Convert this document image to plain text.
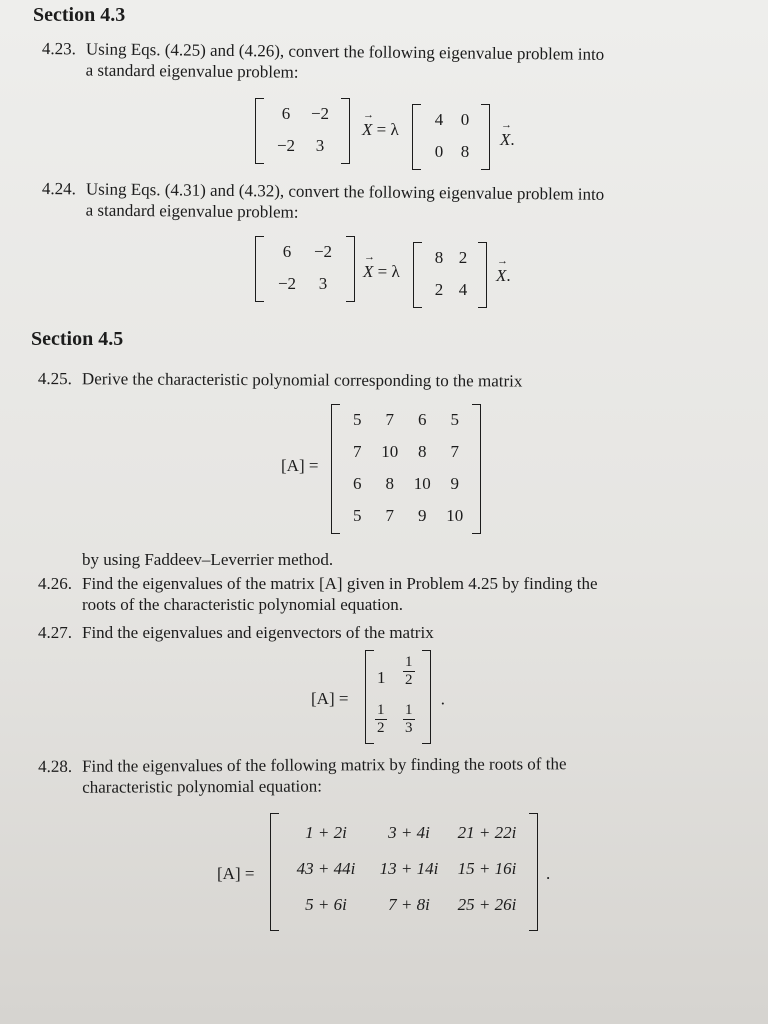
Section 4.3
4.23. Using Eqs. (4.25) and (4.26), convert the following eigenvalue problem into
a standard eigenvalue problem:
6	−2
−2	3
→ X = λ
4	0
0	8
→ X.
4.24. Using Eqs. (4.31) and (4.32), convert the following eigenvalue problem into
a standard eigenvalue problem:
6	−2
−2	3
→ X = λ
8 2
2 4
→ X.
Section 4.5
4.25. Derive the characteristic polynomial corresponding to the matrix
[A] =
5	7	6	5
7	10	8	7
6	8	10	9
5	7	9	10
by using Faddeev–Leverrier method.
4.26. Find the eigenvalues of the matrix [A] given in Problem 4.25 by finding the
roots of the characteristic polynomial equation.
4.27. Find the eigenvalues and eigenvectors of the matrix
[A] =
$1 \frac{1}{2}$
$\frac{1}{2} \frac{1}{3}$ ·
4.28. Find the eigenvalues of the following matrix by finding the roots of the
characteristic polynomial equation:
[A] =
1 + 2i	3 + 4i	21 + 22i
43 + 44i	13 + 14i	15 + 16i
5 + 6i	7 + 8i	25 + 26i
.
